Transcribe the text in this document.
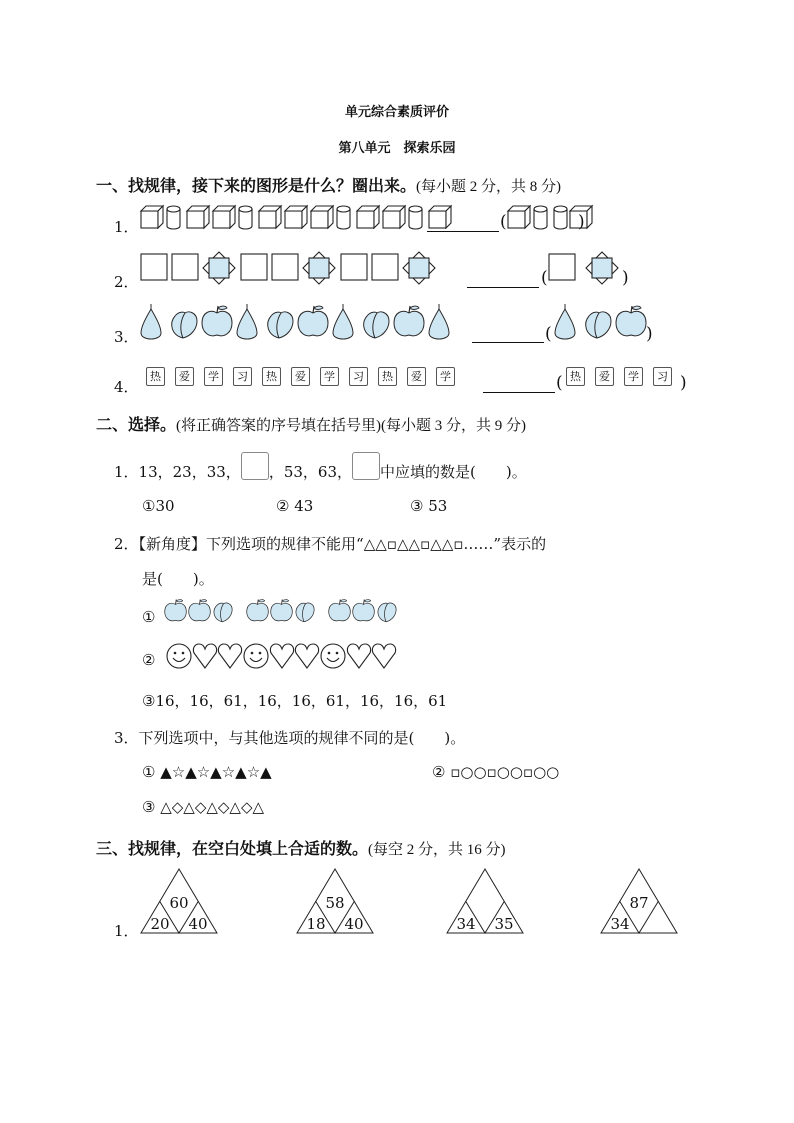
单元综合素质评价
第八单元　探索乐园
一、找规律，接下来的图形是什么？圈出来。(每小题 2 分，共 8 分)
1．
2．
3．
4．
(	)
(	)
(	)
热 爱 学 习 热 爱 学 习 热 爱 学	( 热 爱 学 习 )
二、选择。(将正确答案的序号填在括号里)(每小题 3 分，共 9 分)
1．13，23，33， ，53，63， 中应填的数是(　　)。
①30	② 43	③ 53
2．【新角度】下列选项的规律不能用“△△▫△△▫△△▫……”表示的
是(　　)。
①
②
③16，16，61，16，16，61，16，16，61
3．下列选项中，与其他选项的规律不同的是(　　)。
① ▲☆▲☆▲☆▲☆▲	② ▫○○▫○○▫○○
③ △◇△◇△◇△◇△
三、找规律，在空白处填上合适的数。(每空 2 分，共 16 分)
1．
60
20	40
58
18	40	34	35
87
34
